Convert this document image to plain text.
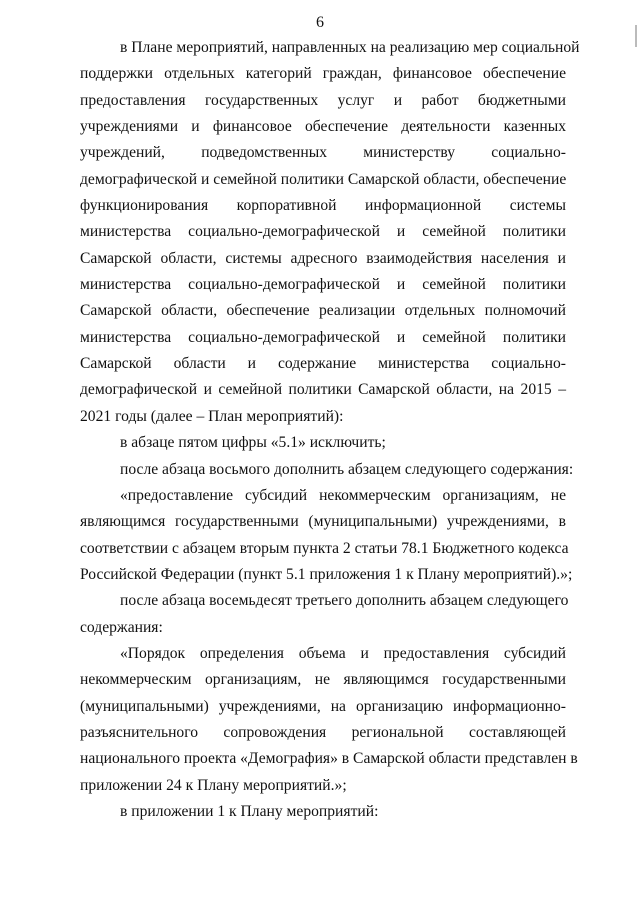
6

в Плане мероприятий, направленных на реализацию мер социальной

поддержки отдельных категорий граждан, финансовое обеспечение

предоставления государственных услуг и работ бюджетными

учреждениями и финансовое обеспечение деятельности казенных

учреждений, подведомственных министерству социально-

демографической и семейной политики Самарской области, обеспечение

функционирования корпоративной информационной системы

министерства социально-демографической и семейной политики

Самарской области, системы адресного взаимодействия населения и

министерства социально-демографической и семейной политики

Самарской области, обеспечение реализации отдельных полномочий

министерства социально-демографической и семейной политики

Самарской области и содержание министерства социально-

демографической и семейной политики Самарской области, на 2015 –

2021 годы (далее – План мероприятий):

в абзаце пятом цифры «5.1» исключить;

после абзаца восьмого дополнить абзацем следующего содержания:

«предоставление субсидий некоммерческим организациям, не

являющимся государственными (муниципальными) учреждениями, в

соответствии с абзацем вторым пункта 2 статьи 78.1 Бюджетного кодекса

Российской Федерации (пункт 5.1 приложения 1 к Плану мероприятий).»;

после абзаца восемьдесят третьего дополнить абзацем следующего

содержания:

«Порядок определения объема и предоставления субсидий

некоммерческим организациям, не являющимся государственными

(муниципальными) учреждениями, на организацию информационно-

разъяснительного сопровождения региональной составляющей

национального проекта «Демография» в Самарской области представлен в

приложении 24 к Плану мероприятий.»;

в приложении 1 к Плану мероприятий:
